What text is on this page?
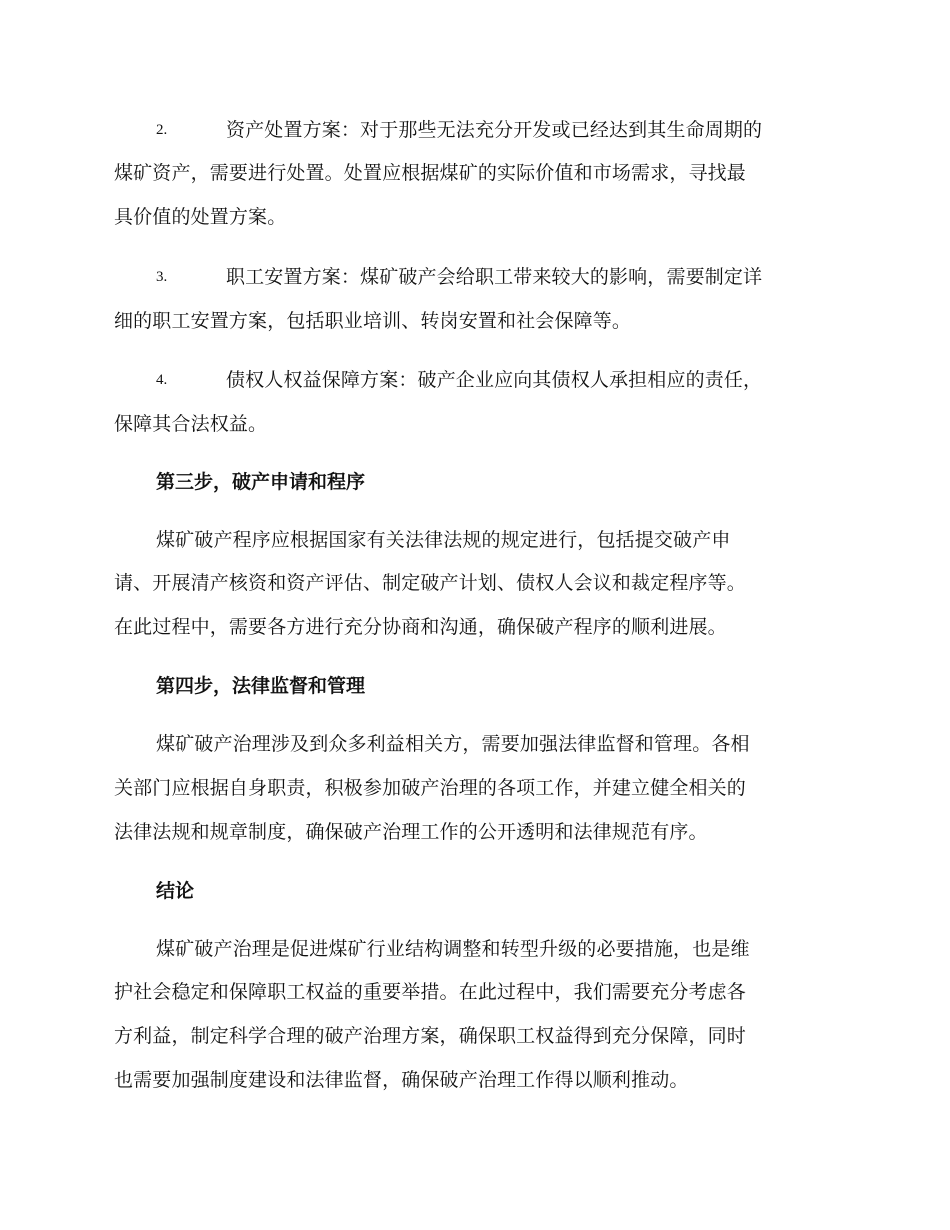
2.	资产处置方案：对于那些无法充分开发或已经达到其生命周期的
煤矿资产，需要进行处置。处置应根据煤矿的实际价值和市场需求，寻找最
具价值的处置方案。
3.	职工安置方案：煤矿破产会给职工带来较大的影响，需要制定详
细的职工安置方案，包括职业培训、转岗安置和社会保障等。
4.	债权人权益保障方案：破产企业应向其债权人承担相应的责任，
保障其合法权益。
第三步，破产申请和程序
煤矿破产程序应根据国家有关法律法规的规定进行，包括提交破产申
请、开展清产核资和资产评估、制定破产计划、债权人会议和裁定程序等。
在此过程中，需要各方进行充分协商和沟通，确保破产程序的顺利进展。
第四步，法律监督和管理
煤矿破产治理涉及到众多利益相关方，需要加强法律监督和管理。各相
关部门应根据自身职责，积极参加破产治理的各项工作，并建立健全相关的
法律法规和规章制度，确保破产治理工作的公开透明和法律规范有序。
结论
煤矿破产治理是促进煤矿行业结构调整和转型升级的必要措施，也是维
护社会稳定和保障职工权益的重要举措。在此过程中，我们需要充分考虑各
方利益，制定科学合理的破产治理方案，确保职工权益得到充分保障，同时
也需要加强制度建设和法律监督，确保破产治理工作得以顺利推动。
